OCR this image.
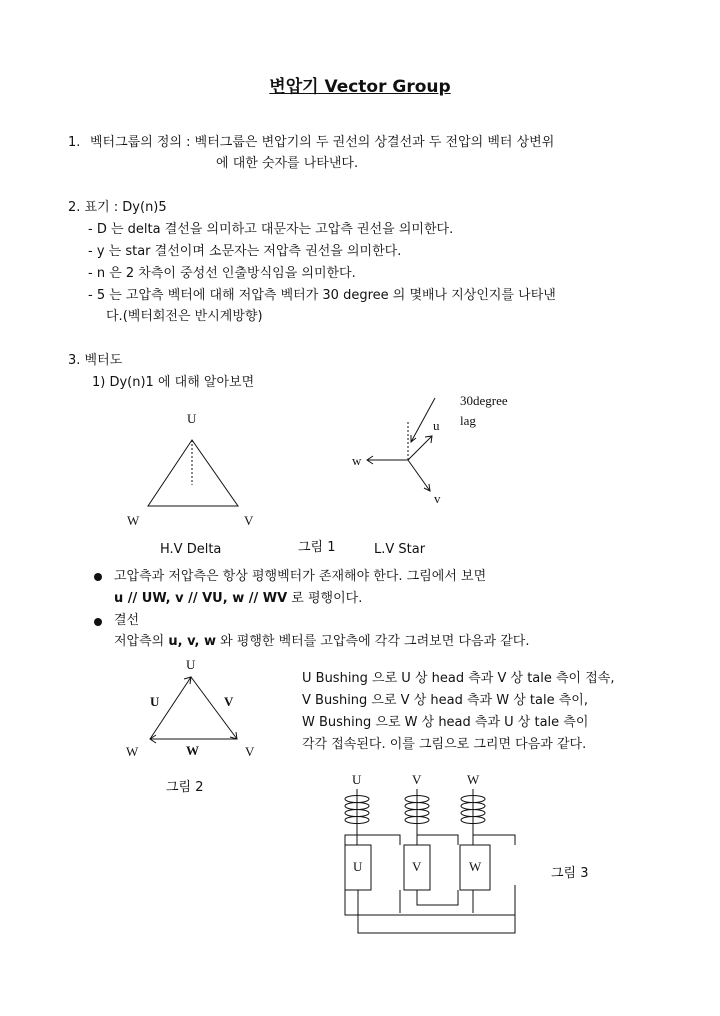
변압기 Vector Group
1. 벡터그룹의 정의 : 벡터그룹은 변압기의 두 권선의 상결선과 두 전압의 벡터 상변위
에 대한 숫자를 나타낸다.
2. 표기 : Dy(n)5
- D 는 delta 결선을 의미하고 대문자는 고압측 권선을 의미한다.
- y 는 star 결선이며 소문자는 저압측 권선을 의미한다.
- n 은 2 차측이 중성선 인출방식임을 의미한다.
- 5 는 고압측 벡터에 대해 저압측 벡터가 30 degree 의 몇배나 지상인지를 나타낸
다.(벡터회전은 반시계방향)
3. 벡터도
1) Dy(n)1 에 대해 알아보면
U
W	V
u
w
v
30degree
lag
H.V Delta	그림 1	L.V Star
고압측과 저압측은 항상 평행벡터가 존재해야 한다. 그림에서 보면
u // UW, v // VU, w // WV 로 평행이다.
결선
저압측의 u, v, w 와 평행한 벡터를 고압측에 각각 그려보면 다음과 같다.
U
U	V
W
W	V
그림 2
U Bushing 으로 U 상 head 측과 V 상 tale 측이 접속,
V Bushing 으로 V 상 head 측과 W 상 tale 측이,
W Bushing 으로 W 상 head 측과 U 상 tale 측이
각각 접속된다. 이를 그림으로 그리면 다음과 같다.
U	V	W
U	V	W	그림 3
